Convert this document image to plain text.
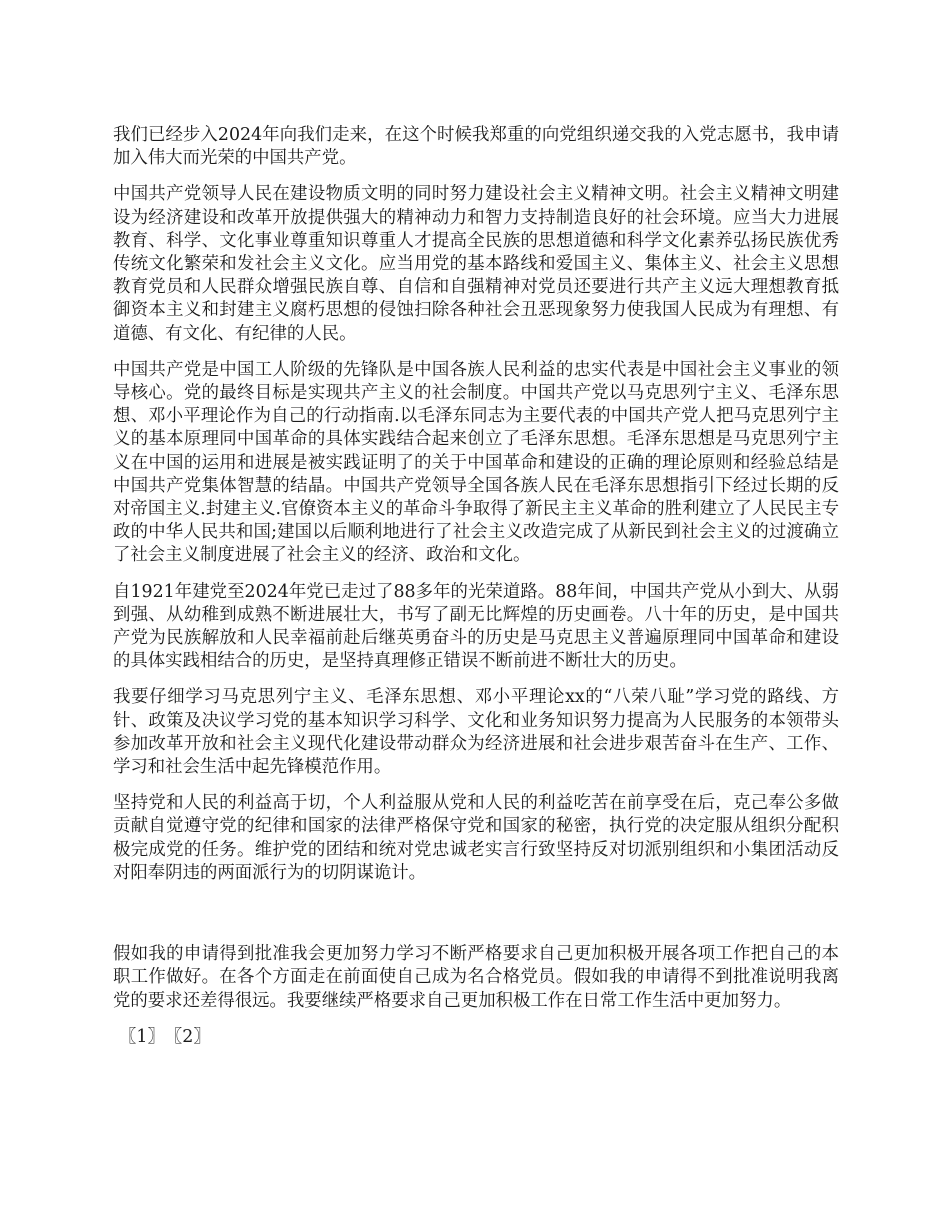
我们已经步入2024年向我们走来，在这个时候我郑重的向党组织递交我的入党志愿书，我申请加入伟大而光荣的中国共产党。

中国共产党领导人民在建设物质文明的同时努力建设社会主义精神文明。社会主义精神文明建设为经济建设和改革开放提供强大的精神动力和智力支持制造良好的社会环境。应当大力进展教育、科学、文化事业尊重知识尊重人才提高全民族的思想道德和科学文化素养弘扬民族优秀传统文化繁荣和发社会主义文化。应当用党的基本路线和爱国主义、集体主义、社会主义思想教育党员和人民群众增强民族自尊、自信和自强精神对党员还要进行共产主义远大理想教育抵御资本主义和封建主义腐朽思想的侵蚀扫除各种社会丑恶现象努力使我国人民成为有理想、有道德、有文化、有纪律的人民。

中国共产党是中国工人阶级的先锋队是中国各族人民利益的忠实代表是中国社会主义事业的领导核心。党的最终目标是实现共产主义的社会制度。中国共产党以马克思列宁主义、毛泽东思想、邓小平理论作为自己的行动指南.以毛泽东同志为主要代表的中国共产党人把马克思列宁主义的基本原理同中国革命的具体实践结合起来创立了毛泽东思想。毛泽东思想是马克思列宁主义在中国的运用和进展是被实践证明了的关于中国革命和建设的正确的理论原则和经验总结是中国共产党集体智慧的结晶。中国共产党领导全国各族人民在毛泽东思想指引下经过长期的反对帝国主义.封建主义.官僚资本主义的革命斗争取得了新民主主义革命的胜利建立了人民民主专政的中华人民共和国;建国以后顺利地进行了社会主义改造完成了从新民到社会主义的过渡确立了社会主义制度进展了社会主义的经济、政治和文化。

自1921年建党至2024年党已走过了88多年的光荣道路。88年间，中国共产党从小到大、从弱到强、从幼稚到成熟不断进展壮大，书写了副无比辉煌的历史画卷。八十年的历史，是中国共产党为民族解放和人民幸福前赴后继英勇奋斗的历史是马克思主义普遍原理同中国革命和建设的具体实践相结合的历史，是坚持真理修正错误不断前进不断壮大的历史。

我要仔细学习马克思列宁主义、毛泽东思想、邓小平理论xx的“八荣八耻”学习党的路线、方针、政策及决议学习党的基本知识学习科学、文化和业务知识努力提高为人民服务的本领带头参加改革开放和社会主义现代化建设带动群众为经济进展和社会进步艰苦奋斗在生产、工作、学习和社会生活中起先锋模范作用。

坚持党和人民的利益高于切，个人利益服从党和人民的利益吃苦在前享受在后，克己奉公多做贡献自觉遵守党的纪律和国家的法律严格保守党和国家的秘密，执行党的决定服从组织分配积极完成党的任务。维护党的团结和统对党忠诚老实言行致坚持反对切派别组织和小集团活动反对阳奉阴违的两面派行为的切阴谋诡计。

假如我的申请得到批准我会更加努力学习不断严格要求自己更加积极开展各项工作把自己的本职工作做好。在各个方面走在前面使自己成为名合格党员。假如我的申请得不到批准说明我离党的要求还差得很远。我要继续严格要求自己更加积极工作在日常工作生活中更加努力。

〖1〗 〖2〗
